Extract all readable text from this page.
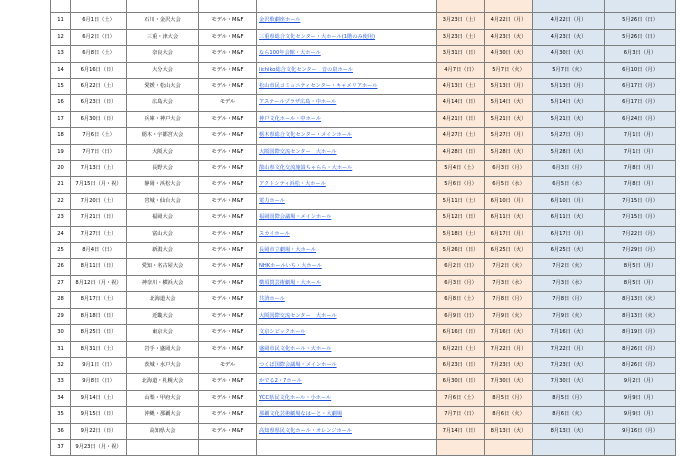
11	6月1日（土）	石川・金沢大会	モデル・M&F	金沢歌劇座ホール	3月23日（土）	4月22日（月）	4月22日（月）	5月26日（日）
12	6月2日（日）	三重・津大会	モデル・M&F	三重県総合文化センター・大ホール(1階のみ使用)	3月23日（土）	4月23日（火）	4月23日（火）	5月26日（日）
13	6月8日（土）	奈良大会	モデル・M&F	なら100年会館・大ホール	3月31日（日）	4月30日（火）	4月30日（火）	6月3日（月）
14	6月16日（日）	大分大会	モデル・M&F	iichiko総合文化センター　音の泉ホール	4月7日（日）	5月7日（火）	5月7日（火）	6月10日（月）
15	6月22日（土）	愛媛・松山大会	モデル・M&F	松山市民コミュニティセンター・キャメリアホール	4月13日（土）	5月13日（月）	5月13日（月）	6月17日（月）
16	6月23日（日）	広島大会	モデル	アステールプラザ広島・中ホール	4月14日（日）	5月14日（火）	5月14日（火）	6月17日（月）
17	6月30日（日）	兵庫・神戸大会	モデル・M&F	神戸文化ホール・中ホール	4月21日（日）	5月21日（火）	5月21日（火）	6月24日（月）
18	7月6日（土）	栃木・宇都宮大会	モデル・M&F	栃木県総合文化センター・メインホール	4月27日（土）	5月27日（月）	5月27日（月）	7月1日（月）
19	7月7日（日）	大阪大会	モデル・M&F	大阪国際交流センター　大ホール	4月28日（日）	5月28日（火）	5月28日（火）	7月1日（月）
20	7月13日（土）	長野大会	モデル・M&F	散山県文化交流施設ちゃらら・大ホール	5月4日（土）	6月3日（月）	6月3日（月）	7月8日（月）
21	7月15日（月・祝）	静岡・浜松大会	モデル・M&F	アクトシティ浜松・大ホール	5月6日（月）	6月5日（水）	6月5日（水）	7月8日（月）
22	7月20日（土）	宮城・仙台大会	モデル・M&F	電力ホール	5月11日（土）	6月10日（月）	6月10日（月）	7月15日（月）
23	7月21日（日）	福岡大会	モデル・M&F	福岡国際会議場・メインホール	5月12日（日）	6月11日（火）	6月11日（火）	7月15日（月）
24	7月27日（土）	富山大会	モデル・M&F	スカイホール	5月18日（土）	6月17日（月）	6月17日（月）	7月22日（月）
25	8月4日（日）	新潟大会	モデル・M&F	長岡市立劇場・大ホール	5月26日（日）	6月25日（火）	6月25日（火）	7月29日（月）
26	8月11日（日）	愛知・名古屋大会	モデル・M&F	NHKホールいち・大ホール	6月2日（日）	7月2日（火）	7月2日（火）	8月5日（月）
27	8月12日（月・祝）	神奈川・横浜大会	モデル・M&F	横須賀芸術劇場・大ホール	6月3日（月）	7月3日（水）	7月3日（水）	8月5日（月）
28	8月17日（土）	北海道大会	モデル・M&F	共済ホール	6月8日（土）	7月8日（月）	7月8日（月）	8月13日（火）
29	8月18日（日）	近畿大会	モデル・M&F	大阪国際交流センター　大ホール	6月9日（日）	7月9日（火）	7月9日（火）	8月13日（火）
30	8月25日（日）	東京大会	モデル・M&F	文京シビックホール	6月16日（日）	7月16日（火）	7月16日（火）	8月19日（月）
31	8月31日（土）	岩手・盛岡大会	モデル・M&F	盛岡市民文化ホール・大ホール	6月22日（土）	7月22日（月）	7月22日（月）	8月26日（月）
32	9月1日（日）	茨城・水戸大会	モデル	つくば国際会議場・メインホール	6月23日（日）	7月23日（火）	7月23日（火）	8月26日（月）
33	9月8日（日）	北海道・札幌大会	モデル・M&F	かでる2・7ホール	6月30日（日）	7月30日（火）	7月30日（火）	9月2日（月）
34	9月14日（土）	山梨・甲府大会	モデル・M&F	YCC県民文化ホール・小ホール	7月6日（土）	8月5日（月）	8月5日（月）	9月9日（月）
35	9月15日（日）	沖縄・那覇大会	モデル・M&F	那覇文化芸術劇場なはーと・大劇場	7月7日（日）	8月6日（火）	8月6日（火）	9月9日（月）
36	9月22日（日）	高知県大会	モデル・M&F	高知県県民文化ホール・オレンジホール	7月14日（日）	8月13日（火）	8月13日（火）	9月16日（月）
37	9月23日（月・祝）							
